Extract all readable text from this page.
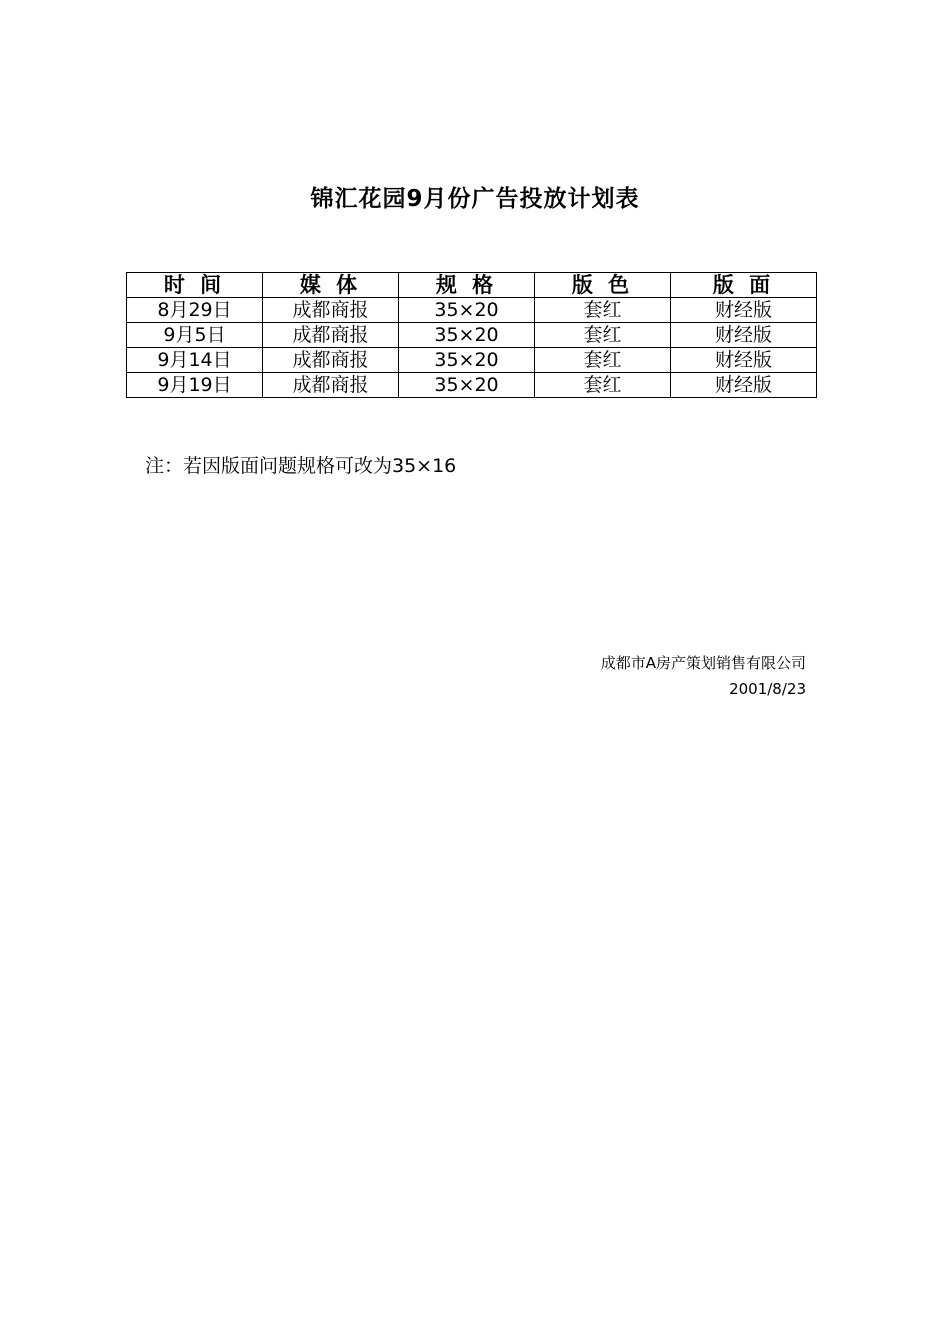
锦汇花园9月份广告投放计划表
时 间	媒 体	规 格	版 色	版 面
8月29日	成都商报	35×20	套红	财经版
9月5日	成都商报	35×20	套红	财经版
9月14日	成都商报	35×20	套红	财经版
9月19日	成都商报	35×20	套红	财经版
注：若因版面问题规格可改为35×16
成都市A房产策划销售有限公司
2001/8/23
